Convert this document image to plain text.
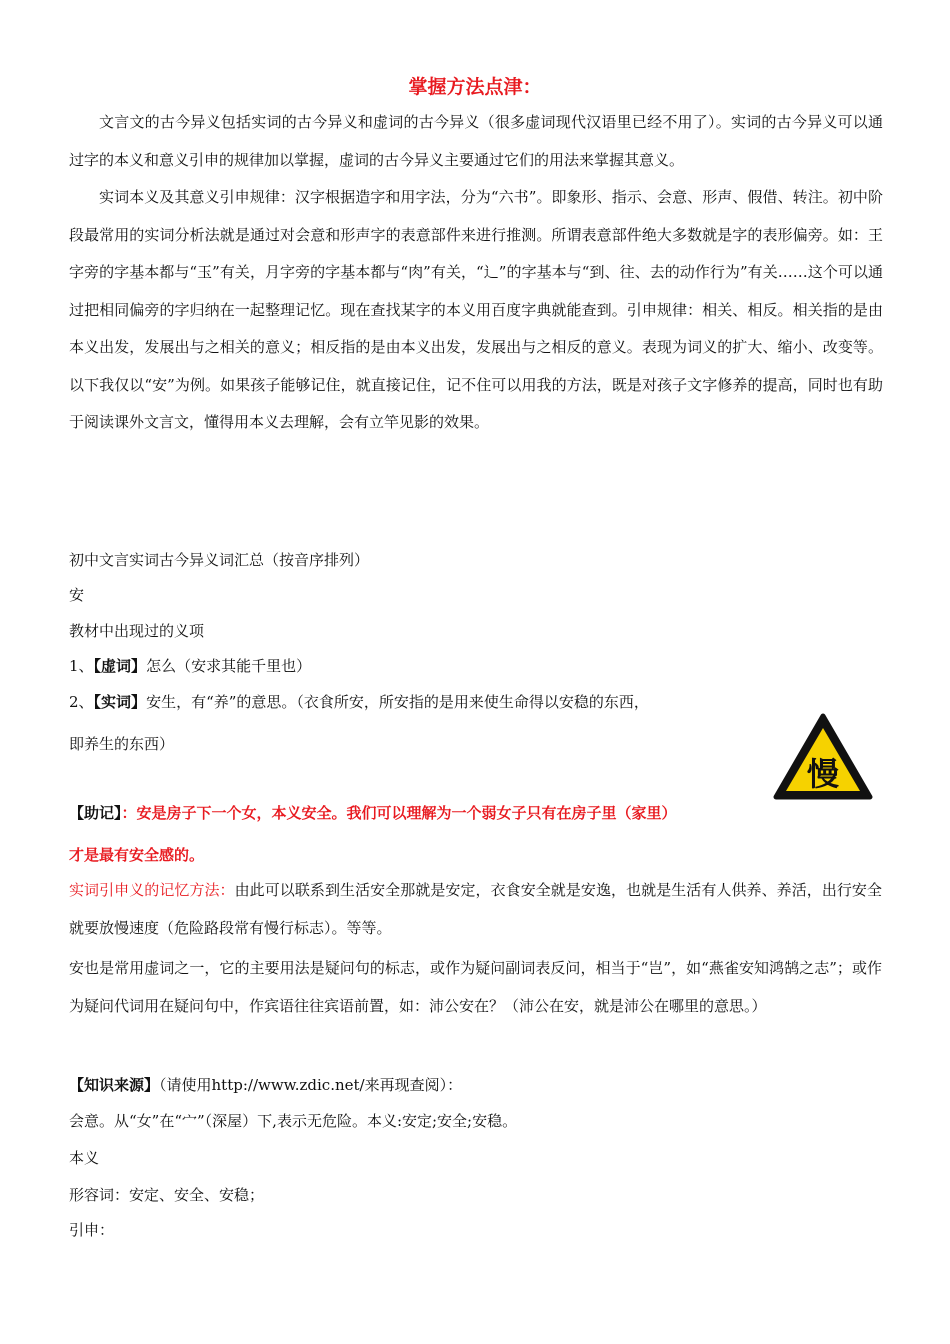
掌握方法点津：

文言文的古今异义包括实词的古今异义和虚词的古今异义（很多虚词现代汉语里已经不用了）。实词的古今异义可以通过字的本义和意义引申的规律加以掌握，虚词的古今异义主要通过它们的用法来掌握其意义。

实词本义及其意义引申规律：汉字根据造字和用字法，分为“六书”。即象形、指示、会意、形声、假借、转注。初中阶段最常用的实词分析法就是通过对会意和形声字的表意部件来进行推测。所谓表意部件绝大多数就是字的表形偏旁。如：王字旁的字基本都与“玉”有关，月字旁的字基本都与“肉”有关，“辶”的字基本与“到、往、去的动作行为”有关……这个可以通过把相同偏旁的字归纳在一起整理记忆。现在查找某字的本义用百度字典就能查到。引申规律：相关、相反。相关指的是由本义出发，发展出与之相关的意义；相反指的是由本义出发，发展出与之相反的意义。表现为词义的扩大、缩小、改变等。以下我仅以“安”为例。如果孩子能够记住，就直接记住，记不住可以用我的方法，既是对孩子文字修养的提高，同时也有助于阅读课外文言文，懂得用本义去理解，会有立竿见影的效果。

初中文言实词古今异义词汇总（按音序排列）
安
教材中出现过的义项
1、【虚词】怎么（安求其能千里也）
2、【实词】安生，有“养”的意思。（衣食所安，所安指的是用来使生命得以安稳的东西，
即养生的东西）
慢
【助记】：安是房子下一个女，本义安全。我们可以理解为一个弱女子只有在房子里（家里）
才是最有安全感的。

实词引申义的记忆方法：由此可以联系到生活安全那就是安定，衣食安全就是安逸，也就是生活有人供养、养活，出行安全就要放慢速度（危险路段常有慢行标志）。等等。

安也是常用虚词之一，它的主要用法是疑问句的标志，或作为疑问副词表反问，相当于“岂”，如“燕雀安知鸿鹄之志”；或作为疑问代词用在疑问句中，作宾语往往宾语前置，如：沛公安在？（沛公在安，就是沛公在哪里的意思。）

【知识来源】（请使用http://www.zdic.net/来再现查阅）：
会意。从“女”在“宀”（深屋）下,表示无危险。本义:安定;安全;安稳。
本义
形容词：安定、安全、安稳；
引申：
